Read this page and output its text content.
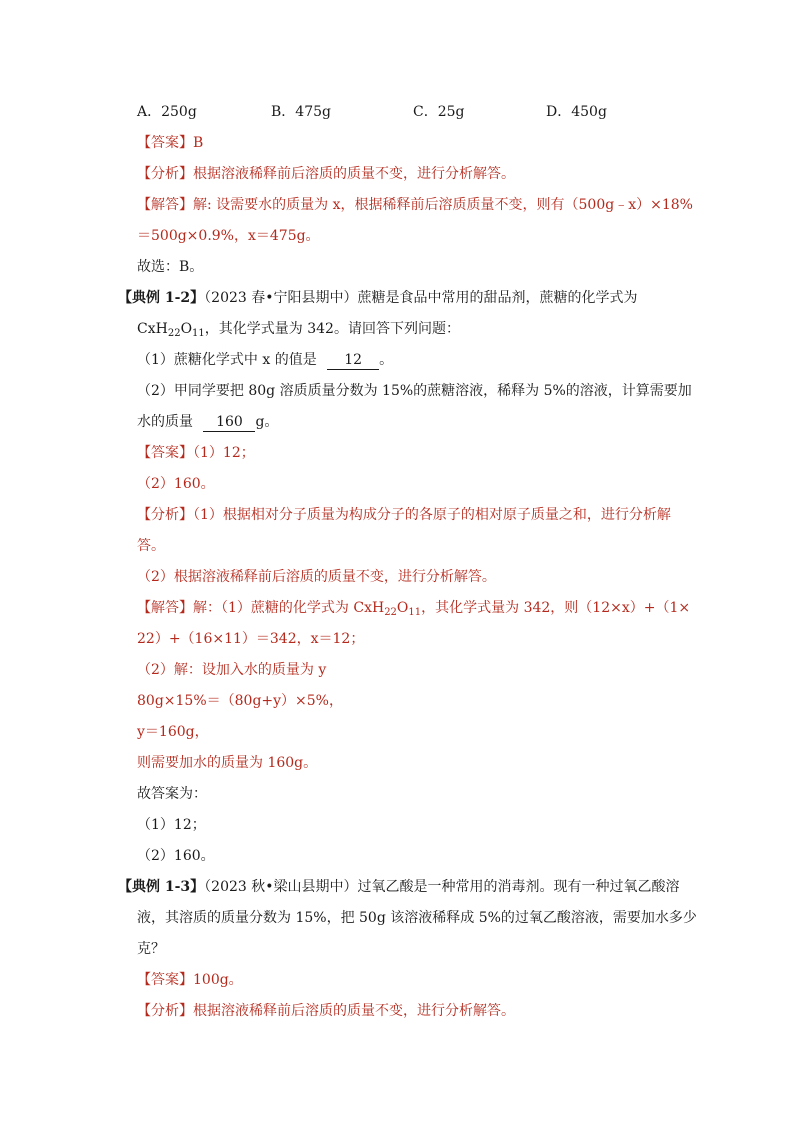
A．250g	B．475g	C．25g	D．450g
【答案】B
【分析】根据溶液稀释前后溶质的质量不变，进行分析解答。
【解答】解: 设需要水的质量为 x，根据稀释前后溶质质量不变，则有（500g﹣x）×18%
＝500g×0.9%，x＝475g。
故选：B。
【典例 1-2】（2023 春•宁阳县期中）蔗糖是食品中常用的甜品剂，蔗糖的化学式为
$CxH_{22}O_{11}$，其化学式量为 342。请回答下列问题：
（1）蔗糖化学式中 x 的值是 12 。
（2）甲同学要把 80g 溶质质量分数为 15%的蔗糖溶液，稀释为 5%的溶液，计算需要加
水的质量 160 g。
【答案】（1）12；
（2）160。
【分析】（1）根据相对分子质量为构成分子的各原子的相对原子质量之和，进行分析解
答。
（2）根据溶液稀释前后溶质的质量不变，进行分析解答。
【解答】解：（1）蔗糖的化学式为 $CxH_{22}O_{11}$，其化学式量为 342，则（12×x）+（1×
22）+（16×11）＝342，x＝12；
（2）解：设加入水的质量为 y
80g×15%＝（80g+y）×5%，
y＝160g，
则需要加水的质量为 160g。
故答案为：
（1）12；
（2）160。
【典例 1-3】（2023 秋•梁山县期中）过氧乙酸是一种常用的消毒剂。现有一种过氧乙酸溶
液，其溶质的质量分数为 15%，把 50g 该溶液稀释成 5%的过氧乙酸溶液，需要加水多少
克？
【答案】100g。
【分析】根据溶液稀释前后溶质的质量不变，进行分析解答。
